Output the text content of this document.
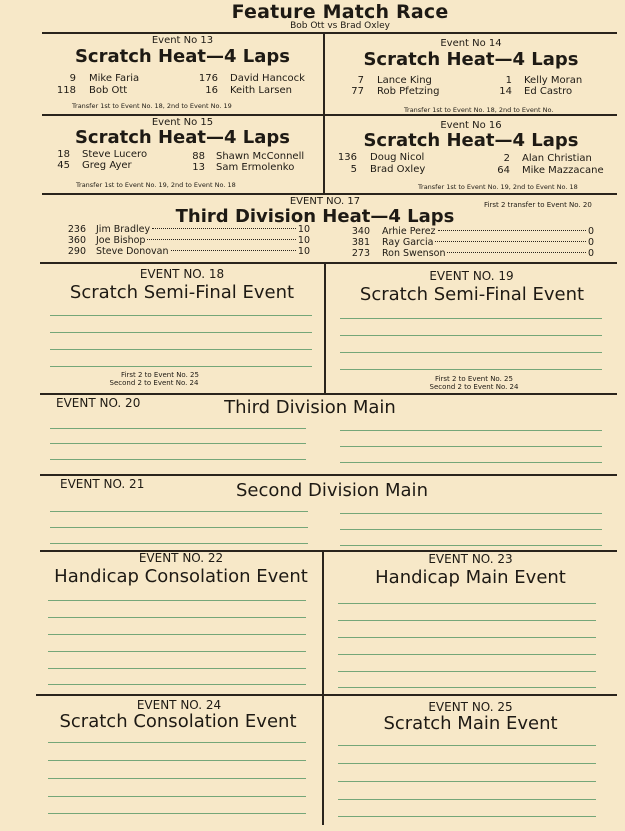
Feature Match Race
Bob Ott vs Brad Oxley
Event No 13
Scratch Heat—4 Laps
9 Mike Faria
118 Bob Ott
176 David Hancock
16 Keith Larsen
Transfer 1st to Event No. 18, 2nd to Event No. 19
Event No 14
Scratch Heat—4 Laps
7 Lance King
77 Rob Pfetzing
1 Kelly Moran
14 Ed Castro
Transfer 1st to Event No. 18, 2nd to Event No.
Event No 15
Scratch Heat—4 Laps
18 Steve Lucero
45 Greg Ayer
88 Shawn McConnell
13 Sam Ermolenko
Transfer 1st to Event No. 19, 2nd to Event No. 18
Event No 16
Scratch Heat—4 Laps
136 Doug Nicol
5 Brad Oxley
2 Alan Christian
64 Mike Mazzacane
Transfer 1st to Event No. 19, 2nd to Event No. 18
EVENT NO. 17
Third Division Heat—4 Laps
First 2 transfer to Event No. 20
236 Jim Bradley	10
360 Joe Bishop	10
290 Steve Donovan	10
340 Arhie Perez	0
381 Ray Garcia	0
273 Ron Swenson	0
EVENT NO. 18
Scratch Semi-Final Event
First 2 to Event No. 25
Second 2 to Event No. 24
EVENT NO. 19
Scratch Semi-Final Event
First 2 to Event No. 25
Second 2 to Event No. 24
EVENT NO. 20	Third Division Main
EVENT NO. 21	Second Division Main
EVENT NO. 22
Handicap Consolation Event
EVENT NO. 23
Handicap Main Event
EVENT NO. 24
Scratch Consolation Event
EVENT NO. 25
Scratch Main Event
